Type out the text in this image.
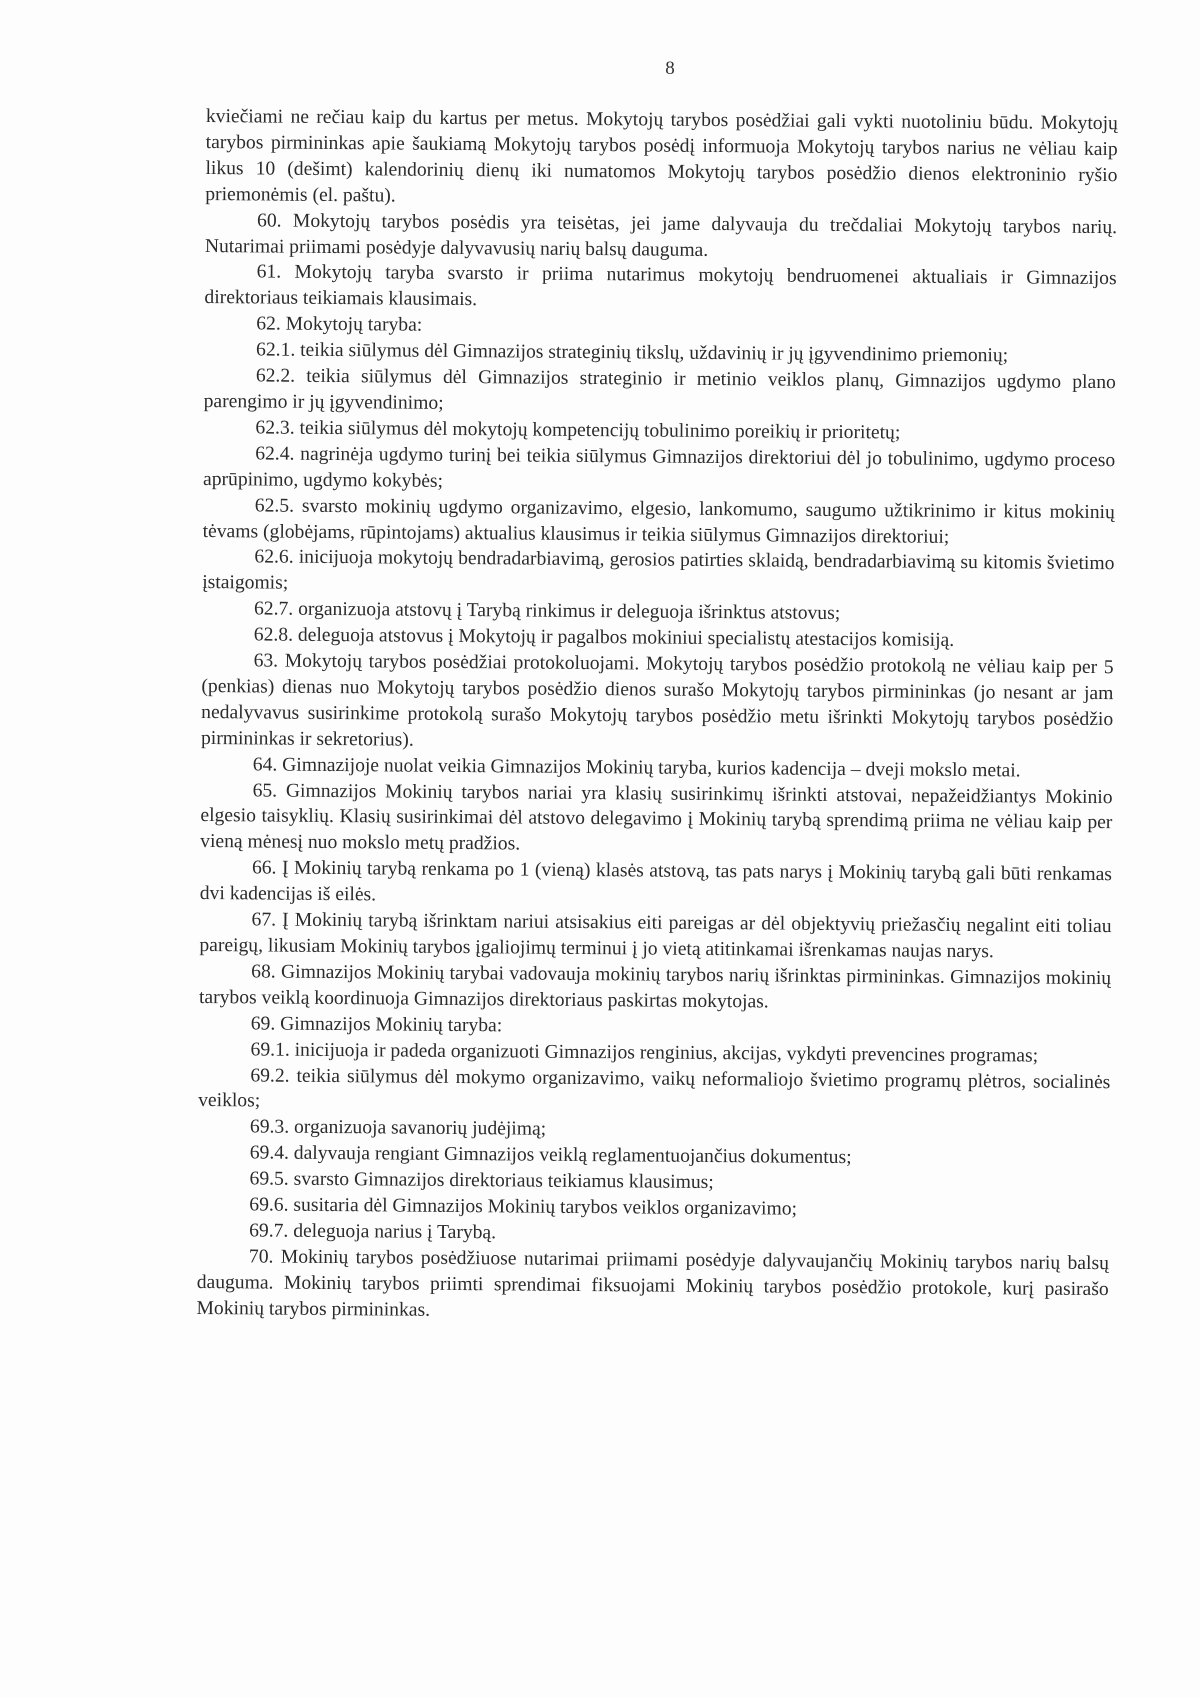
8

kviečiami ne rečiau kaip du kartus per metus. Mokytojų tarybos posėdžiai gali vykti nuotoliniu būdu. Mokytojų tarybos pirmininkas apie šaukiamą Mokytojų tarybos posėdį informuoja Mokytojų tarybos narius ne vėliau kaip likus 10 (dešimt) kalendorinių dienų iki numatomos Mokytojų tarybos posėdžio dienos elektroninio ryšio priemonėmis (el. paštu).

60. Mokytojų tarybos posėdis yra teisėtas, jei jame dalyvauja du trečdaliai Mokytojų tarybos narių. Nutarimai priimami posėdyje dalyvavusių narių balsų dauguma.

61. Mokytojų taryba svarsto ir priima nutarimus mokytojų bendruomenei aktualiais ir Gimnazijos direktoriaus teikiamais klausimais.

62. Mokytojų taryba:

62.1. teikia siūlymus dėl Gimnazijos strateginių tikslų, uždavinių ir jų įgyvendinimo priemonių;

62.2. teikia siūlymus dėl Gimnazijos strateginio ir metinio veiklos planų, Gimnazijos ugdymo plano parengimo ir jų įgyvendinimo;

62.3. teikia siūlymus dėl mokytojų kompetencijų tobulinimo poreikių ir prioritetų;

62.4. nagrinėja ugdymo turinį bei teikia siūlymus Gimnazijos direktoriui dėl jo tobulinimo, ugdymo proceso aprūpinimo, ugdymo kokybės;

62.5. svarsto mokinių ugdymo organizavimo, elgesio, lankomumo, saugumo užtikrinimo ir kitus mokinių tėvams (globėjams, rūpintojams) aktualius klausimus ir teikia siūlymus Gimnazijos direktoriui;

62.6. inicijuoja mokytojų bendradarbiavimą, gerosios patirties sklaidą, bendradarbiavimą su kitomis švietimo įstaigomis;

62.7. organizuoja atstovų į Tarybą rinkimus ir deleguoja išrinktus atstovus;

62.8. deleguoja atstovus į Mokytojų ir pagalbos mokiniui specialistų atestacijos komisiją.

63. Mokytojų tarybos posėdžiai protokoluojami. Mokytojų tarybos posėdžio protokolą ne vėliau kaip per 5 (penkias) dienas nuo Mokytojų tarybos posėdžio dienos surašo Mokytojų tarybos pirmininkas (jo nesant ar jam nedalyvavus susirinkime protokolą surašo Mokytojų tarybos posėdžio metu išrinkti Mokytojų tarybos posėdžio pirmininkas ir sekretorius).

64. Gimnazijoje nuolat veikia Gimnazijos Mokinių taryba, kurios kadencija – dveji mokslo metai.

65. Gimnazijos Mokinių tarybos nariai yra klasių susirinkimų išrinkti atstovai, nepažeidžiantys Mokinio elgesio taisyklių. Klasių susirinkimai dėl atstovo delegavimo į Mokinių tarybą sprendimą priima ne vėliau kaip per vieną mėnesį nuo mokslo metų pradžios.

66. Į Mokinių tarybą renkama po 1 (vieną) klasės atstovą, tas pats narys į Mokinių tarybą gali būti renkamas dvi kadencijas iš eilės.

67. Į Mokinių tarybą išrinktam nariui atsisakius eiti pareigas ar dėl objektyvių priežasčių negalint eiti toliau pareigų, likusiam Mokinių tarybos įgaliojimų terminui į jo vietą atitinkamai išrenkamas naujas narys.

68. Gimnazijos Mokinių tarybai vadovauja mokinių tarybos narių išrinktas pirmininkas. Gimnazijos mokinių tarybos veiklą koordinuoja Gimnazijos direktoriaus paskirtas mokytojas.

69. Gimnazijos Mokinių taryba:

69.1. inicijuoja ir padeda organizuoti Gimnazijos renginius, akcijas, vykdyti prevencines programas;

69.2. teikia siūlymus dėl mokymo organizavimo, vaikų neformaliojo švietimo programų plėtros, socialinės veiklos;

69.3. organizuoja savanorių judėjimą;

69.4. dalyvauja rengiant Gimnazijos veiklą reglamentuojančius dokumentus;

69.5. svarsto Gimnazijos direktoriaus teikiamus klausimus;

69.6. susitaria dėl Gimnazijos Mokinių tarybos veiklos organizavimo;

69.7. deleguoja narius į Tarybą.

70. Mokinių tarybos posėdžiuose nutarimai priimami posėdyje dalyvaujančių Mokinių tarybos narių balsų dauguma. Mokinių tarybos priimti sprendimai fiksuojami Mokinių tarybos posėdžio protokole, kurį pasirašo Mokinių tarybos pirmininkas.
